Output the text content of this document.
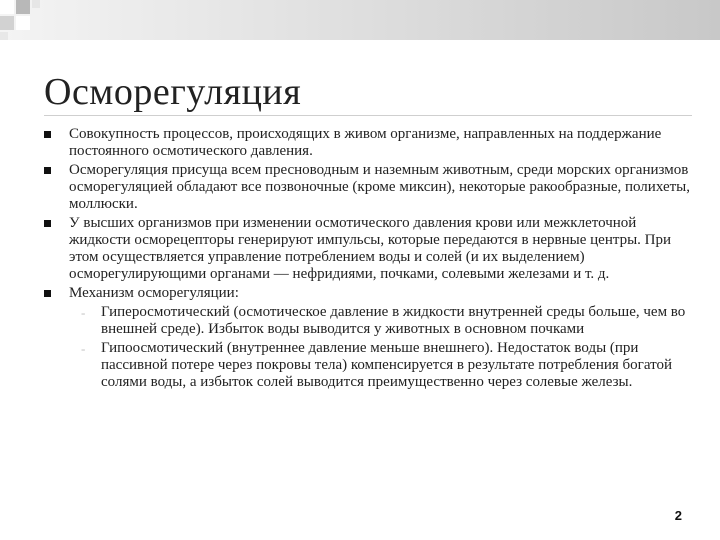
Осморегуляция
Совокупность процессов, происходящих в живом организме, направленных на поддержание постоянного осмотического давления.
Осморегуляция присуща всем пресноводным и наземным животным, среди морских организмов осморегуляцией обладают все позвоночные (кроме миксин), некоторые ракообразные, полихеты, моллюски.
У высших организмов при изменении осмотического давления крови или межклеточной жидкости осморецепторы генерируют импульсы, которые передаются в нервные центры. При этом осуществляется управление потреблением воды и солей (и их выделением) осморегулирующими органами — нефридиями, почками, солевыми железами и т. д.
Механизм осморегуляции:
-	Гиперосмотический (осмотическое давление в жидкости внутренней среды больше, чем во внешней среде). Избыток воды выводится у животных в основном почками
-	Гипоосмотический (внутреннее давление меньше внешнего). Недостаток воды (при пассивной потере через покровы тела) компенсируется в результате потребления богатой солями воды, а избыток солей выводится преимущественно через солевые железы.
2
